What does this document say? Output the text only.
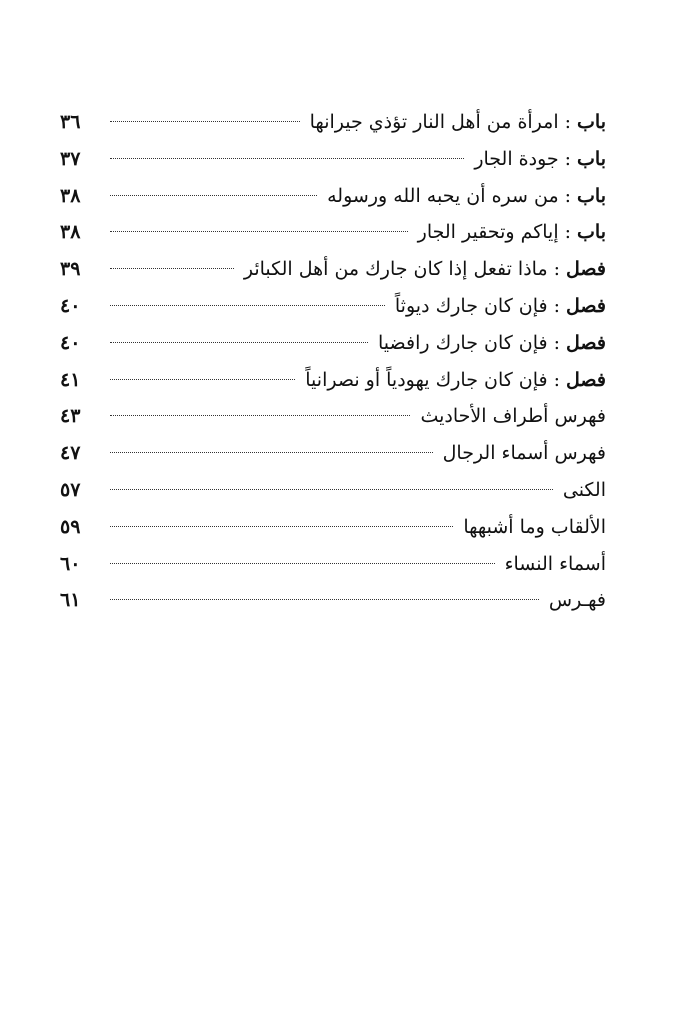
باب
:
امرأة من أهل النار تؤذي جيرانها
٣٦
باب
:
جودة الجار
٣٧
باب
:
من سره أن يحبه الله ورسوله
٣٨
باب
:
إياكم وتحقير الجار
٣٨
فصل
:
ماذا تفعل إذا كان جارك من أهل الكبائر
٣٩
فصل
:
فإن كان جارك ديوثاً
٤٠
فصل
:
فإن كان جارك رافضيا
٤٠
فصل
:
فإن كان جارك يهودياً أو نصرانياً
٤١
فهرس أطراف الأحاديث
٤٣
فهرس أسماء الرجال
٤٧
الكنى
٥٧
الألقاب وما أشبهها
٥٩
أسماء النساء
٦٠
فهـرس
٦١
